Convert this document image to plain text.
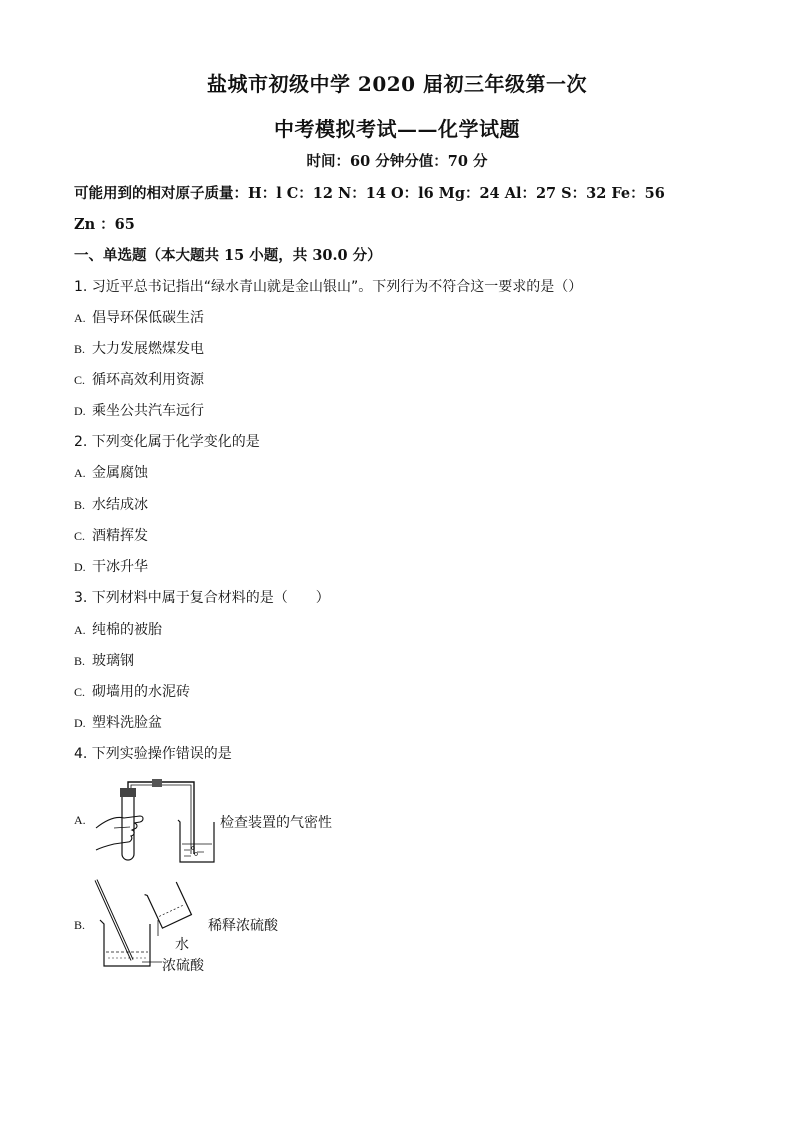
盐城市初级中学 2020 届初三年级第一次
中考模拟考试——化学试题
时间：60 分钟分值：70 分
可能用到的相对原子质量：H：l C：12 N：14 O：l6 Mg：24 Al：27 S：32 Fe：56
Zn ：65
一、单选题（本大题共 15 小题，共 30.0 分）
1. 习近平总书记指出“绿水青山就是金山银山”。下列行为不符合这一要求的是（）
A. 倡导环保低碳生活
B. 大力发展燃煤发电
C. 循环高效利用资源
D. 乘坐公共汽车远行
2. 下列变化属于化学变化的是
A. 金属腐蚀
B. 水结成冰
C. 酒精挥发
D. 干冰升华
3. 下列材料中属于复合材料的是（　　）
A. 纯棉的被胎
B. 玻璃钢
C. 砌墙用的水泥砖
D. 塑料洗脸盆
4. 下列实验操作错误的是
A.	检查装置的气密性
B.	稀释浓硫酸
水
浓硫酸
